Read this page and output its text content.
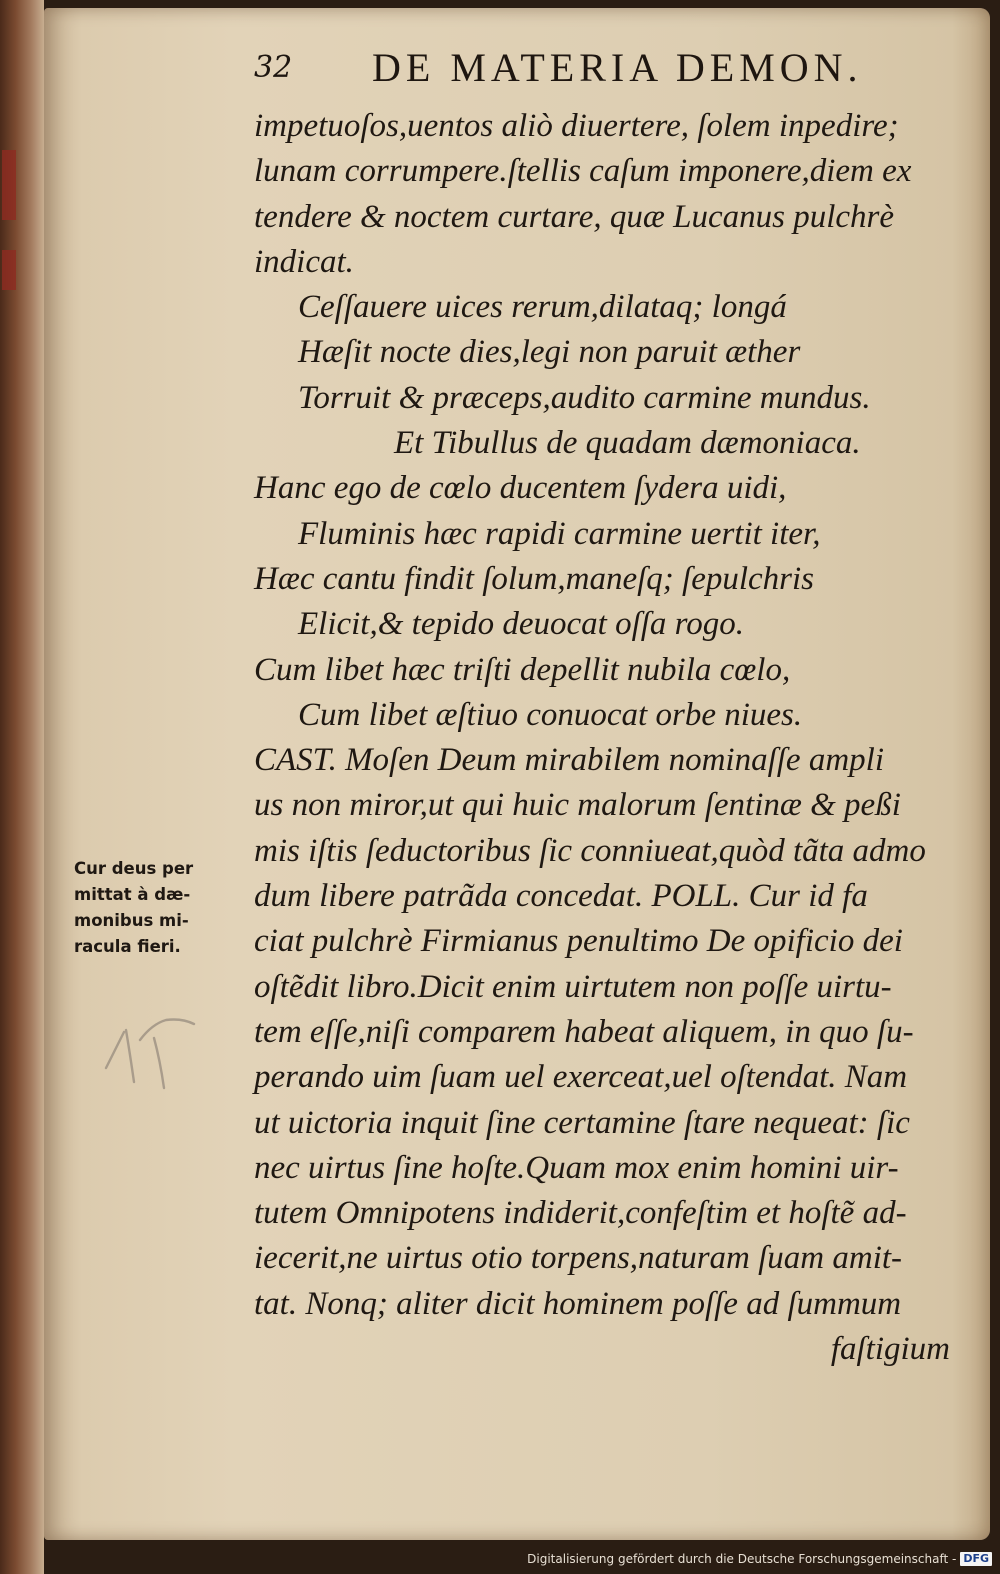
32 DE MATERIA DEMON.
impetuoſos,uentos aliò diuertere, ſolem inpedire;
lunam corrumpere.ſtellis caſum imponere,diem ex
tendere & noctem curtare, quæ Lucanus pulchrè
indicat.
Ceſſauere uices rerum,dilataq; longá
Hæſit nocte dies,legi non paruit æther
Torruit & præceps,audito carmine mundus.
Et Tibullus de quadam dæmoniaca.
Hanc ego de cœlo ducentem ſydera uidi,
Fluminis hæc rapidi carmine uertit iter,
Hæc cantu findit ſolum,maneſq; ſepulchris
Elicit,& tepido deuocat oſſa rogo.
Cum libet hæc triſti depellit nubila cœlo,
Cum libet æſtiuo conuocat orbe niues.
CAST. Moſen Deum mirabilem nominaſſe ampli
us non miror,ut qui huic malorum ſentinæ & peßi
mis iſtis ſeductoribus ſic conniueat,quòd tãta admo
dum libere patrãda concedat. POLL. Cur id fa
ciat pulchrè Firmianus penultimo De opificio dei
oſtẽdit libro.Dicit enim uirtutem non poſſe uirtu-
tem eſſe,niſi comparem habeat aliquem, in quo ſu-
perando uim ſuam uel exerceat,uel oſtendat. Nam
ut uictoria inquit ſine certamine ſtare nequeat: ſic
nec uirtus ſine hoſte.Quam mox enim homini uir-
tutem Omnipotens indiderit,confeſtim et hoſtẽ ad-
iecerit,ne uirtus otio torpens,naturam ſuam amit-
tat. Nonq; aliter dicit hominem poſſe ad ſummum
faſtigium
Cur deus per
mittat à dæ-
monibus mi-
racula fieri.
Digitalisierung gefördert durch die Deutsche Forschungsgemeinschaft - DFG
